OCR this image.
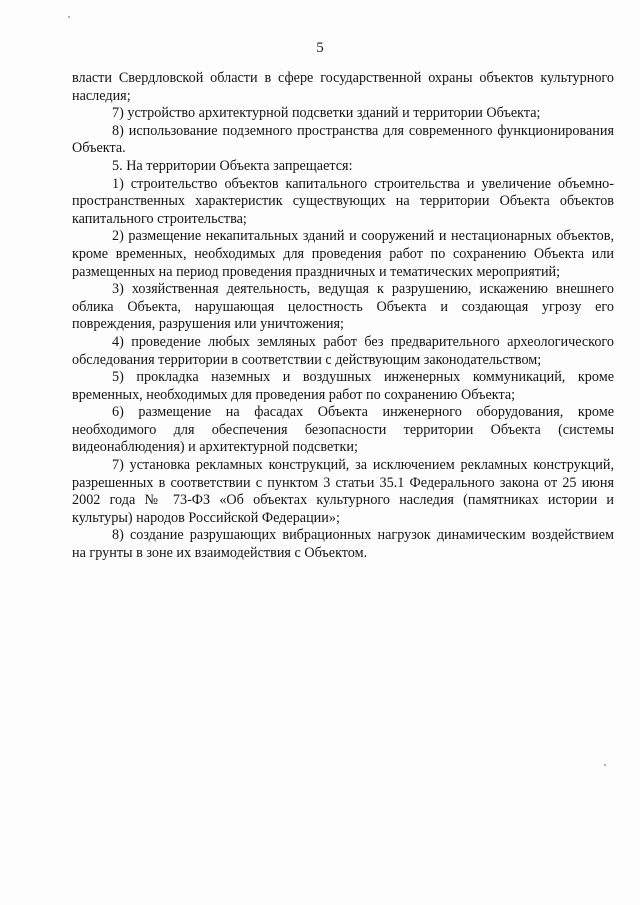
5

власти Свердловской области в сфере государственной охраны объектов культурного наследия;

7) устройство архитектурной подсветки зданий и территории Объекта;

8) использование подземного пространства для современного функционирования Объекта.

5. На территории Объекта запрещается:

1) строительство объектов капитального строительства и увеличение объемно-пространственных характеристик существующих на территории Объекта объектов капитального строительства;

2) размещение некапитальных зданий и сооружений и нестационарных объектов, кроме временных, необходимых для проведения работ по сохранению Объекта или размещенных на период проведения праздничных и тематических мероприятий;

3) хозяйственная деятельность, ведущая к разрушению, искажению внешнего облика Объекта, нарушающая целостность Объекта и создающая угрозу его повреждения, разрушения или уничтожения;

4) проведение любых земляных работ без предварительного археологического обследования территории в соответствии с действующим законодательством;

5) прокладка наземных и воздушных инженерных коммуникаций, кроме временных, необходимых для проведения работ по сохранению Объекта;

6) размещение на фасадах Объекта инженерного оборудования, кроме необходимого для обеспечения безопасности территории Объекта (системы видеонаблюдения) и архитектурной подсветки;

7) установка рекламных конструкций, за исключением рекламных конструкций, разрешенных в соответствии с пунктом 3 статьи 35.1 Федерального закона от 25 июня 2002 года № 73-ФЗ «Об объектах культурного наследия (памятниках истории и культуры) народов Российской Федерации»;

8) создание разрушающих вибрационных нагрузок динамическим воздействием на грунты в зоне их взаимодействия с Объектом.
